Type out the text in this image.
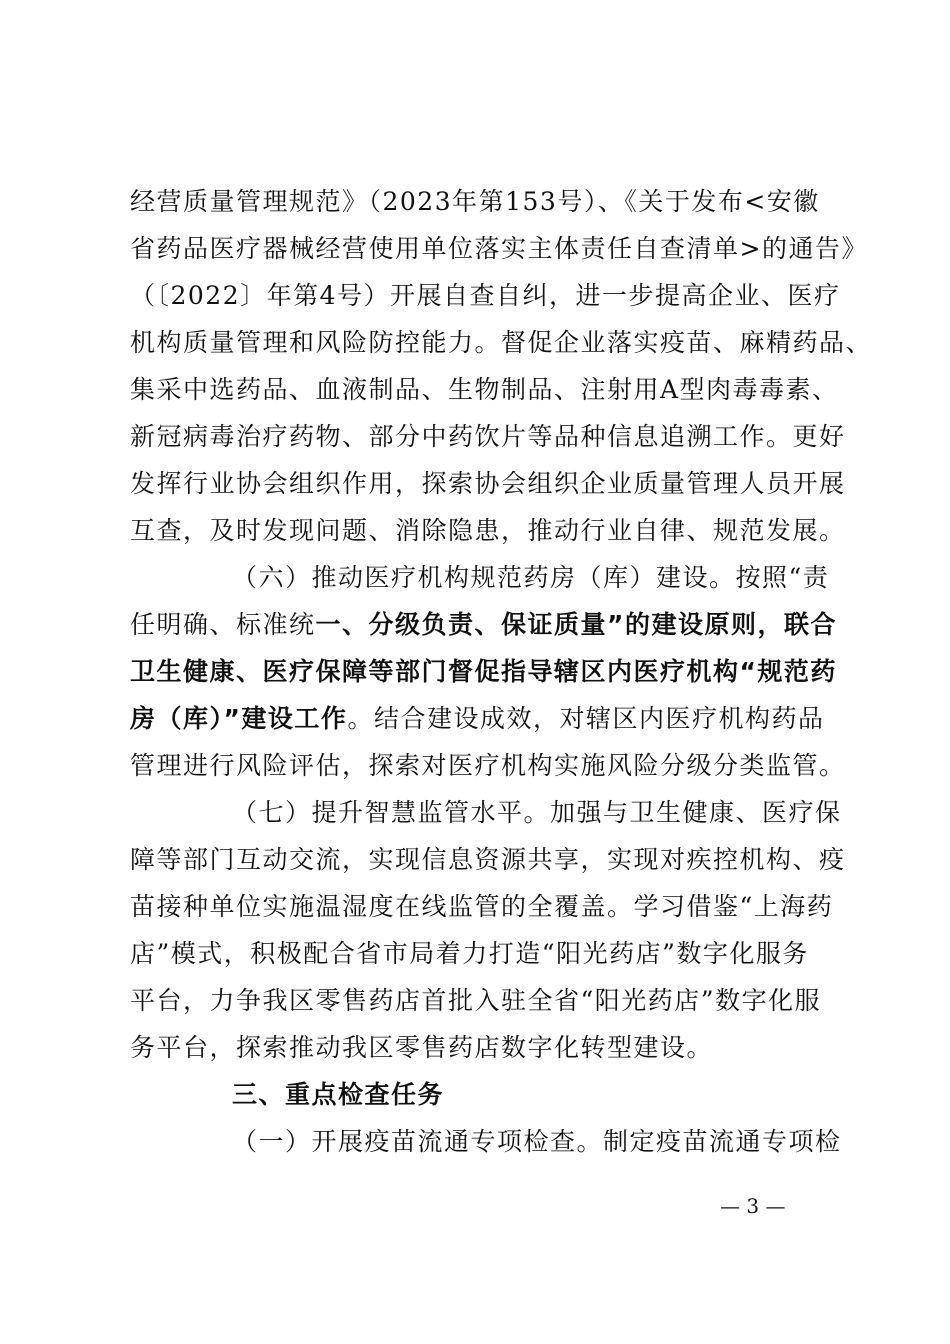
经营质量管理规范》（2023年第153号）、《关于发布<安徽
省药品医疗器械经营使用单位落实主体责任自查清单>的通告》
（〔2022〕年第4号）开展自查自纠，进一步提高企业、医疗
机构质量管理和风险防控能力。督促企业落实疫苗、麻精药品、
集采中选药品、血液制品、生物制品、注射用A型肉毒毒素、
新冠病毒治疗药物、部分中药饮片等品种信息追溯工作。更好
发挥行业协会组织作用，探索协会组织企业质量管理人员开展
互查，及时发现问题、消除隐患，推动行业自律、规范发展。
（六）推动医疗机构规范药房（库）建设。按照“责
任明确、标准统一、分级负责、保证质量”的建设原则，联合
卫生健康、医疗保障等部门督促指导辖区内医疗机构“规范药
房（库）”建设工作。结合建设成效，对辖区内医疗机构药品
管理进行风险评估，探索对医疗机构实施风险分级分类监管。
（七）提升智慧监管水平。加强与卫生健康、医疗保
障等部门互动交流，实现信息资源共享，实现对疾控机构、疫
苗接种单位实施温湿度在线监管的全覆盖。学习借鉴“上海药
店”模式，积极配合省市局着力打造“阳光药店”数字化服务
平台，力争我区零售药店首批入驻全省“阳光药店”数字化服
务平台，探索推动我区零售药店数字化转型建设。
三、重点检查任务
（一）开展疫苗流通专项检查。制定疫苗流通专项检
— 3 —
